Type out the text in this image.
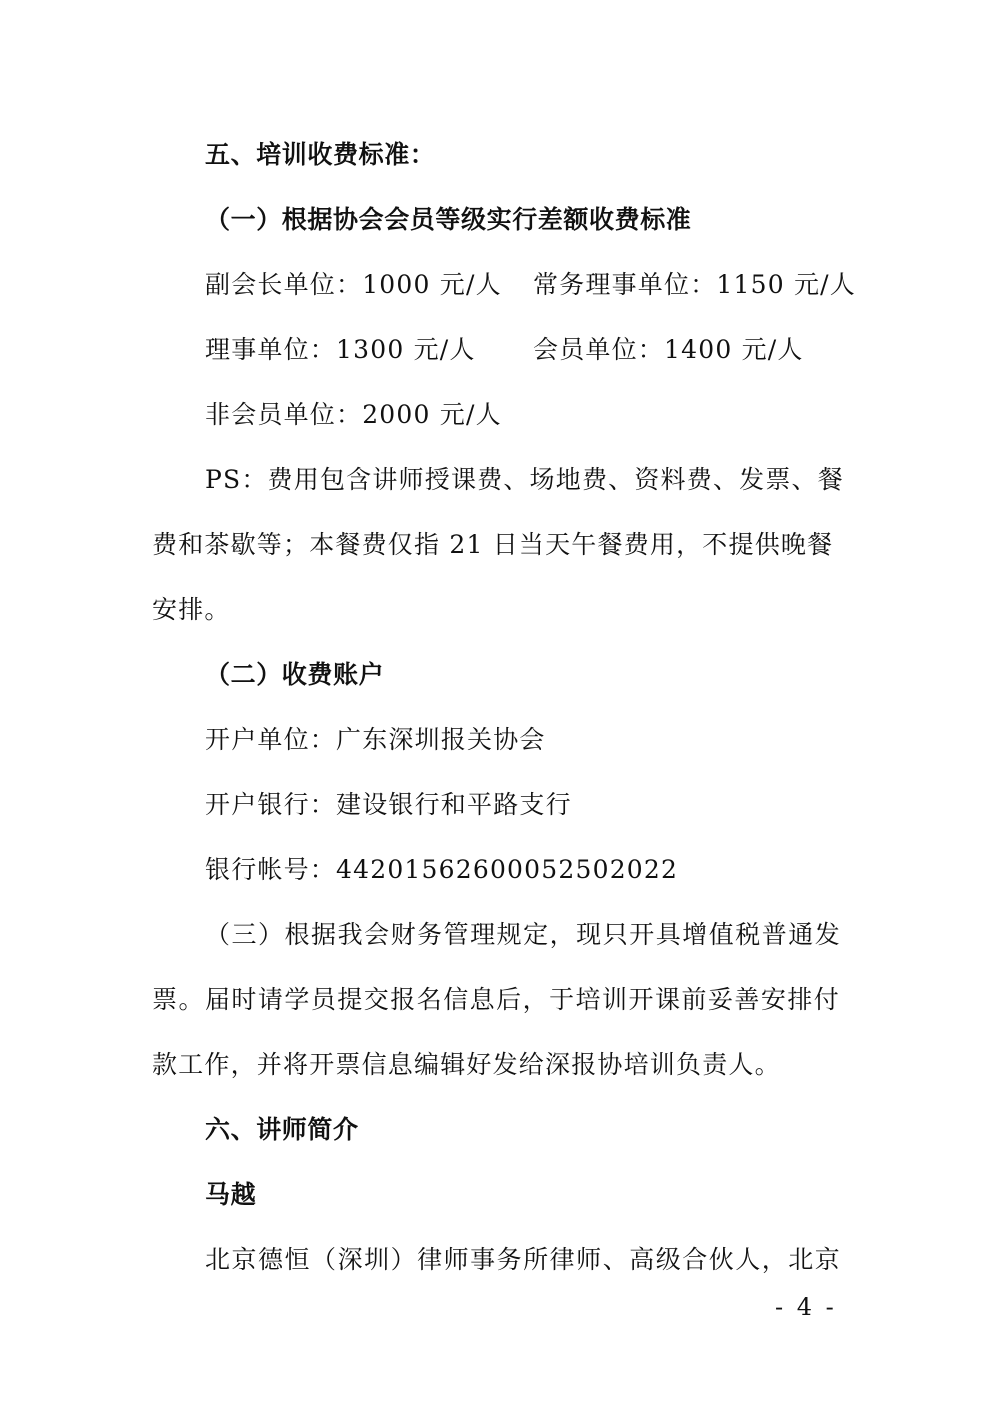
五、培训收费标准：
（一）根据协会会员等级实行差额收费标准
副会长单位：1000 元/人 常务理事单位：1150 元/人
理事单位：1300 元/人 会员单位：1400 元/人
非会员单位：2000 元/人
PS：费用包含讲师授课费、场地费、资料费、发票、餐
费和茶歇等；本餐费仅指 21 日当天午餐费用，不提供晚餐
安排。
（二）收费账户
开户单位：广东深圳报关协会
开户银行：建设银行和平路支行
银行帐号：44201562600052502022
（三）根据我会财务管理规定，现只开具增值税普通发
票。届时请学员提交报名信息后，于培训开课前妥善安排付
款工作，并将开票信息编辑好发给深报协培训负责人。
六、讲师简介
马越
北京德恒（深圳）律师事务所律师、高级合伙人，北京
- 4 -
